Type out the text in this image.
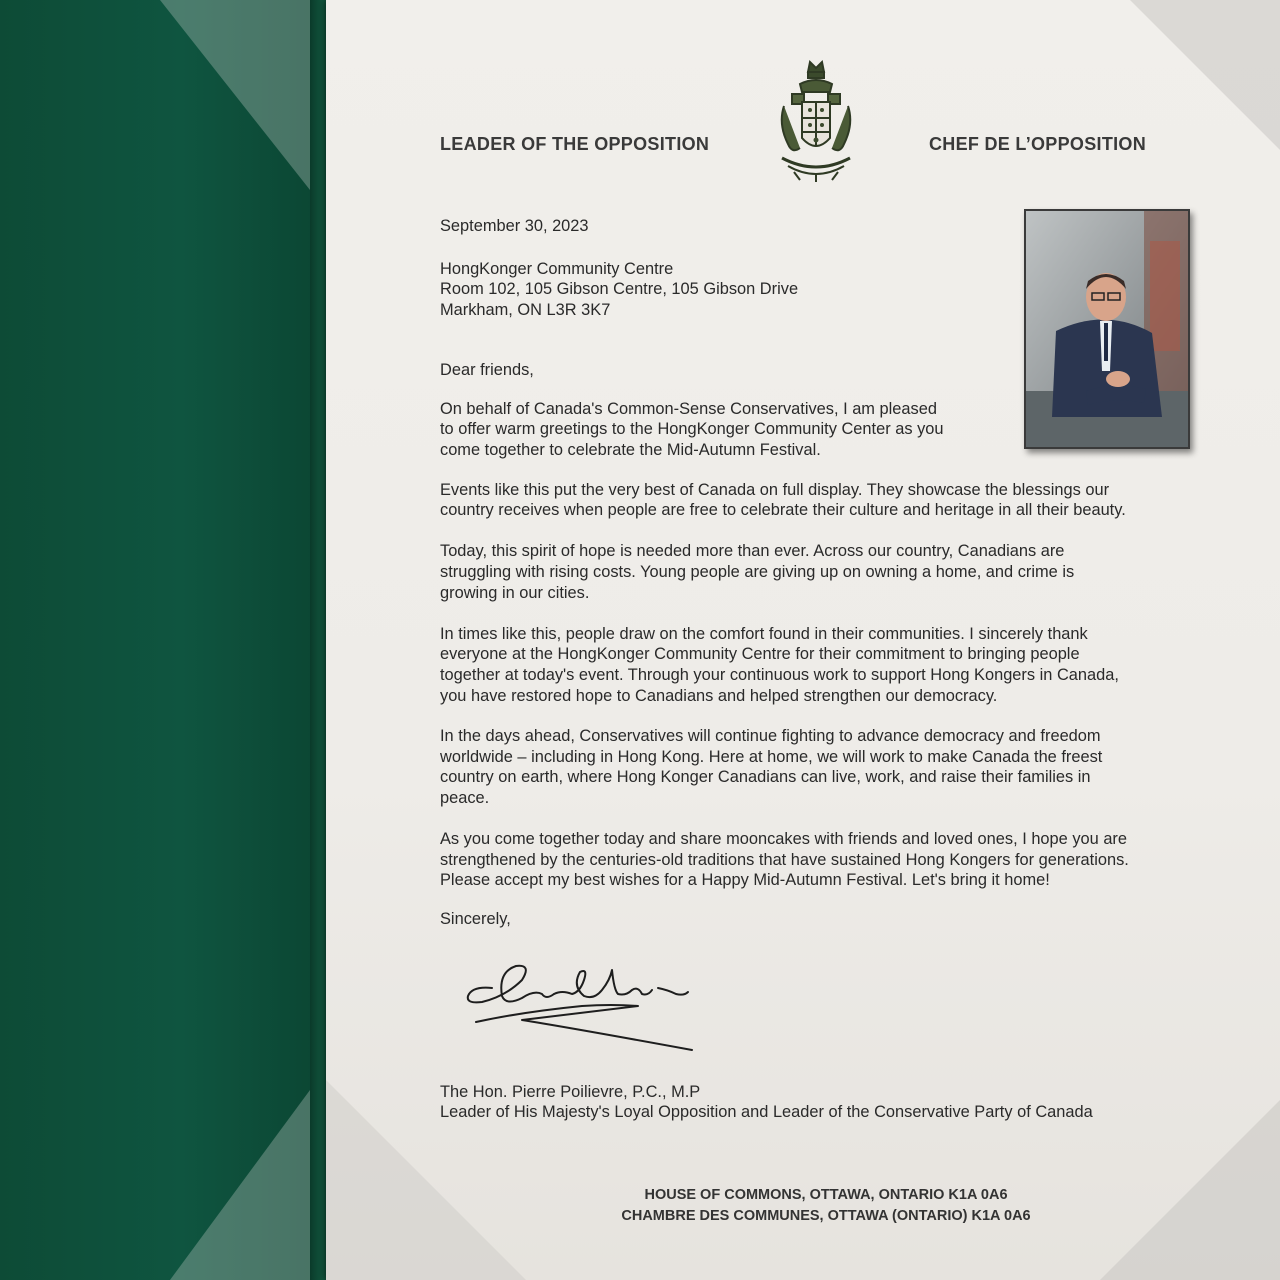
LEADER OF THE OPPOSITION	CHEF DE L’OPPOSITION
September 30, 2023
HongKonger Community Centre
Room 102, 105 Gibson Centre, 105 Gibson Drive
Markham, ON L3R 3K7
Dear friends,
On behalf of Canada's Common-Sense Conservatives, I am pleased
to offer warm greetings to the HongKonger Community Center as you
come together to celebrate the Mid-Autumn Festival.
Events like this put the very best of Canada on full display. They showcase the blessings our
country receives when people are free to celebrate their culture and heritage in all their beauty.
Today, this spirit of hope is needed more than ever. Across our country, Canadians are
struggling with rising costs. Young people are giving up on owning a home, and crime is
growing in our cities.
In times like this, people draw on the comfort found in their communities. I sincerely thank
everyone at the HongKonger Community Centre for their commitment to bringing people
together at today's event. Through your continuous work to support Hong Kongers in Canada,
you have restored hope to Canadians and helped strengthen our democracy.
In the days ahead, Conservatives will continue fighting to advance democracy and freedom
worldwide – including in Hong Kong. Here at home, we will work to make Canada the freest
country on earth, where Hong Konger Canadians can live, work, and raise their families in
peace.
As you come together today and share mooncakes with friends and loved ones, I hope you are
strengthened by the centuries-old traditions that have sustained Hong Kongers for generations.
Please accept my best wishes for a Happy Mid-Autumn Festival. Let's bring it home!
Sincerely,
The Hon. Pierre Poilievre, P.C., M.P
Leader of His Majesty's Loyal Opposition and Leader of the Conservative Party of Canada
HOUSE OF COMMONS, OTTAWA, ONTARIO K1A 0A6
CHAMBRE DES COMMUNES, OTTAWA (ONTARIO) K1A 0A6
